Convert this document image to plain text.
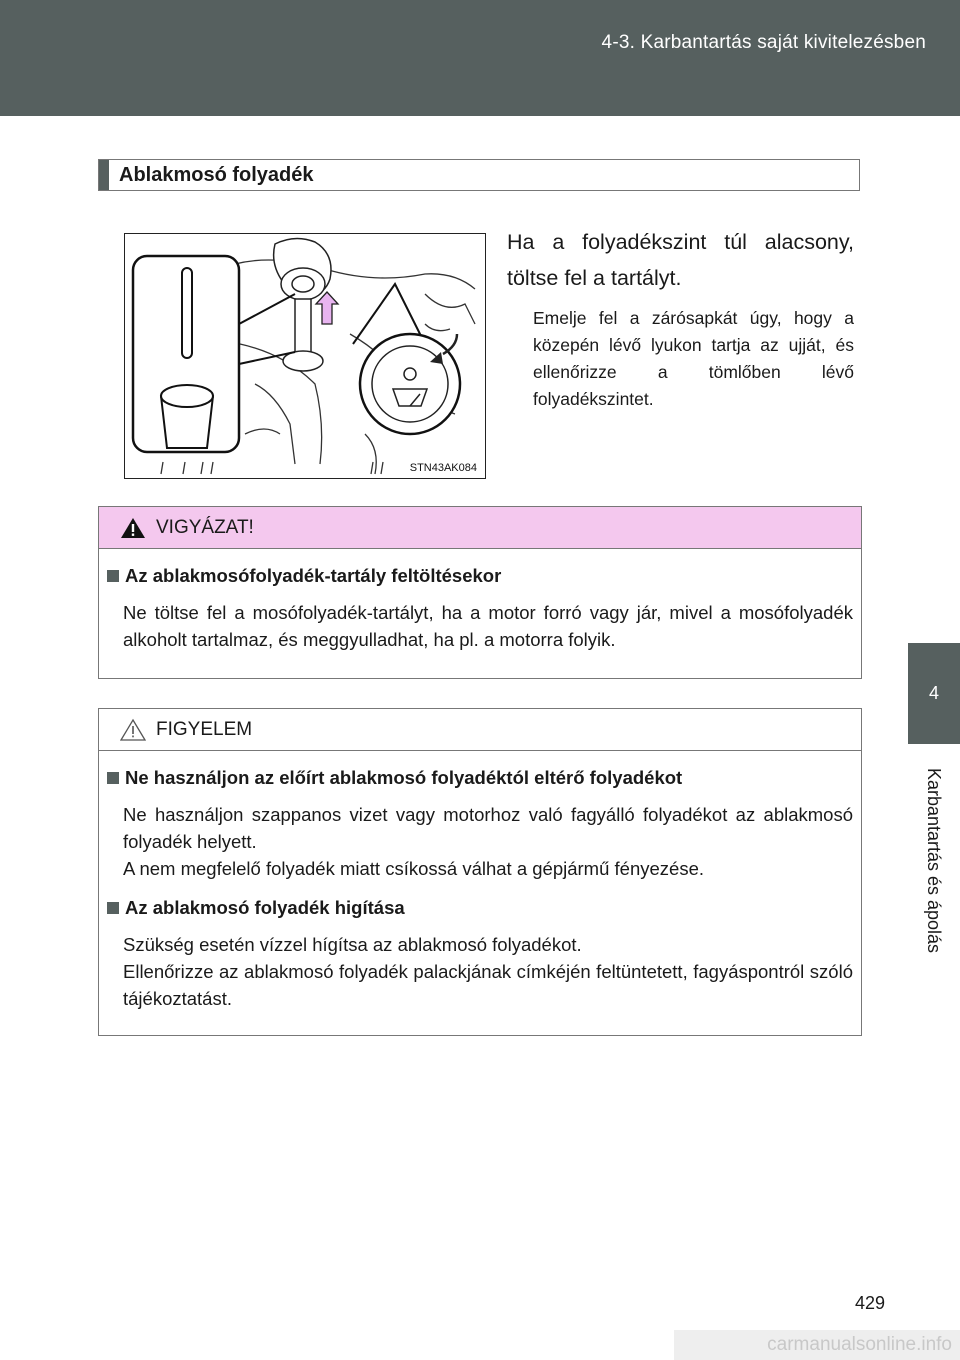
4-3. Karbantartás saját kivitelezésben
4
Karbantartás és ápolás
Ablakmosó folyadék
STN43AK084
Ha a folyadékszint túl alacsony, töltse fel a tartályt.
Emelje fel a zárósapkát úgy, hogy a közepén lévő lyukon tartja az ujját, és ellenőrizze a tömlőben lévő folyadékszintet.
VIGYÁZAT!
Az ablakmosófolyadék-tartály feltöltésekor
Ne töltse fel a mosófolyadék-tartályt, ha a motor forró vagy jár, mivel a mosófolyadék alkoholt tartalmaz, és meggyulladhat, ha pl. a motorra folyik.
FIGYELEM
Ne használjon az előírt ablakmosó folyadéktól eltérő folyadékot
Ne használjon szappanos vizet vagy motorhoz való fagyálló folyadékot az ablakmosó folyadék helyett.
A nem megfelelő folyadék miatt csíkossá válhat a gépjármű fényezése.
Az ablakmosó folyadék higítása
Szükség esetén vízzel hígítsa az ablakmosó folyadékot.
Ellenőrizze az ablakmosó folyadék palackjának címkéjén feltüntetett, fagyáspontról szóló tájékoztatást.
429
carmanualsonline.info
